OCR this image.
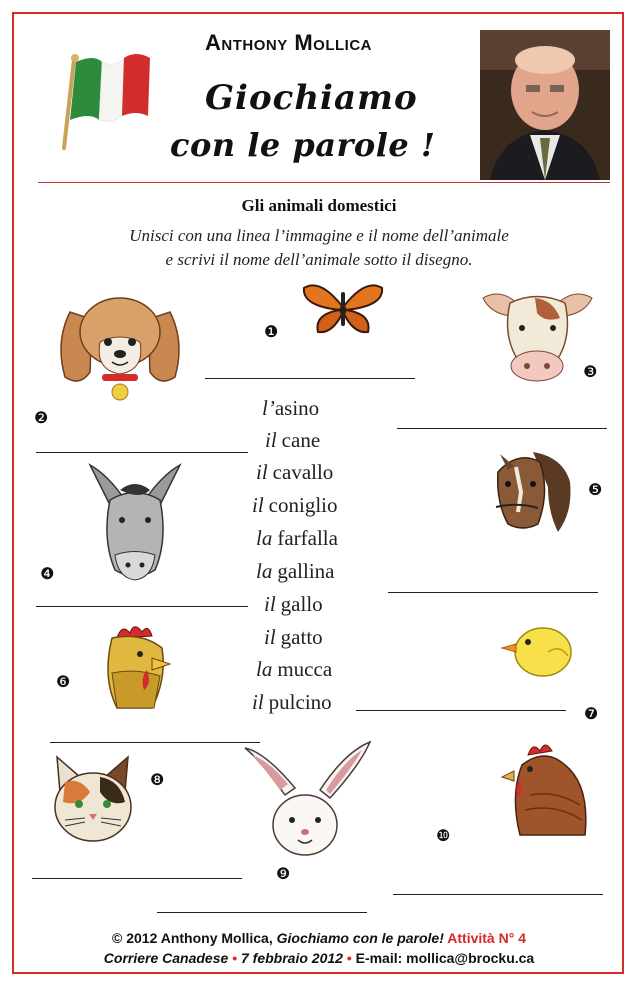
Anthony Mollica
Giochiamo
con le parole !
Gli animali domestici
Unisci con una linea l’immagine e il nome dell’animale
e scrivi il nome dell’animale sotto il disegno.
❶
❷
❸
❹
❺
❻
❼
❽
❾
❿
l’asino
il cane
il cavallo
il coniglio
la farfalla
la gallina
il gallo
il gatto
la mucca
il pulcino
© 2012 Anthony Mollica, Giochiamo con le parole! Attività N° 4
Corriere Canadese • 7 febbraio 2012 • E-mail: mollica@brocku.ca
